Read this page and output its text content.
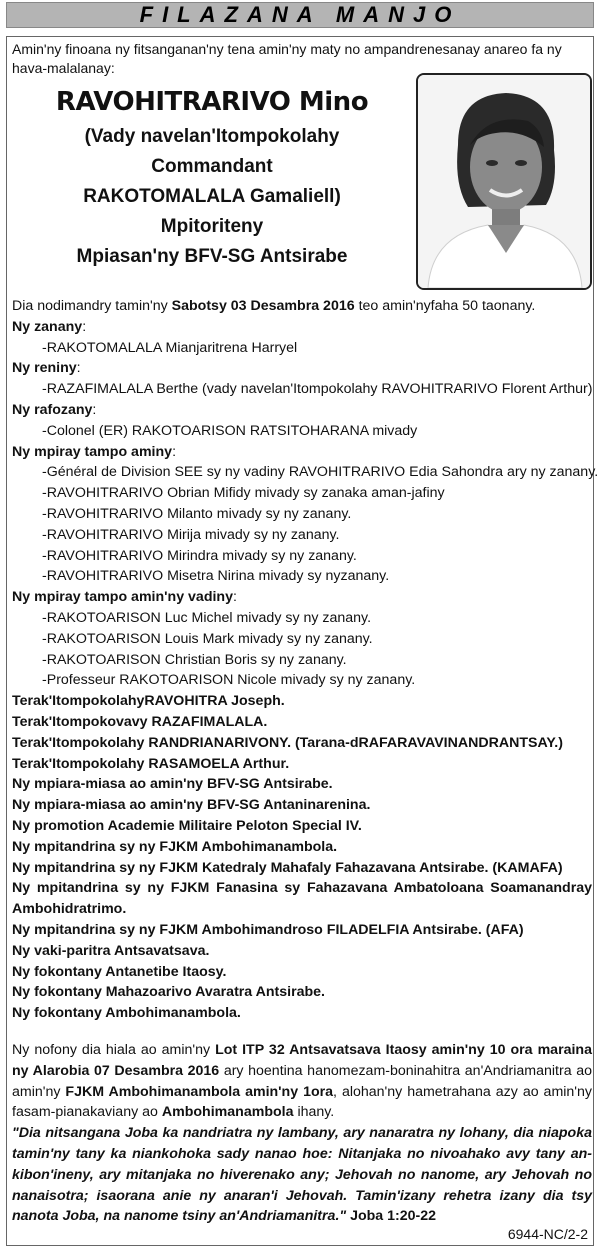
FILAZANA MANJO
Amin'ny finoana ny fitsanganan'ny tena amin'ny maty no ampandrenesanay anareo fa ny hava-malalanay:
RAVOHITRARIVO Mino
(Vady navelan'Itompokolahy
Commandant
RAKOTOMALALA Gamaliell)
Mpitoriteny
Mpiasan'ny BFV-SG Antsirabe
Dia nodimandry tamin'ny Sabotsy 03 Desambra 2016 teo amin'nyfaha 50 taonany.
Ny zanany:
-RAKOTOMALALA Mianjaritrena Harryel
Ny reniny:
-RAZAFIMALALA Berthe (vady navelan'Itompokolahy RAVOHITRARIVO Florent Arthur)
Ny rafozany:
-Colonel (ER) RAKOTOARISON RATSITOHARANA mivady
Ny mpiray tampo aminy:
-Général de Division SEE sy ny vadiny RAVOHITRARIVO Edia Sahondra ary ny zanany.
-RAVOHITRARIVO Obrian Mifidy mivady sy zanaka aman-jafiny
-RAVOHITRARIVO Milanto mivady sy ny zanany.
-RAVOHITRARIVO Mirija mivady sy ny zanany.
-RAVOHITRARIVO Mirindra mivady sy ny zanany.
-RAVOHITRARIVO Misetra Nirina mivady sy nyzanany.
Ny mpiray tampo amin'ny vadiny:
-RAKOTOARISON Luc Michel mivady sy ny zanany.
-RAKOTOARISON Louis Mark mivady sy ny zanany.
-RAKOTOARISON Christian Boris sy ny zanany.
-Professeur RAKOTOARISON Nicole mivady sy ny zanany.
Terak'ItompokolahyRAVOHITRA Joseph.
Terak'Itompokovavy RAZAFIMALALA.
Terak'Itompokolahy RANDRIANARIVONY. (Tarana-dRAFARAVAVINANDRANTSAY.)
Terak'Itompokolahy RASAMOELA Arthur.
Ny mpiara-miasa ao amin'ny BFV-SG Antsirabe.
Ny mpiara-miasa ao amin'ny BFV-SG Antaninarenina.
Ny promotion Academie Militaire Peloton Special IV.
Ny mpitandrina sy ny FJKM Ambohimanambola.
Ny mpitandrina sy ny FJKM Katedraly Mahafaly Fahazavana Antsirabe. (KAMAFA)
Ny mpitandrina sy ny FJKM Fanasina sy Fahazavana Ambatoloana Soamanandray Ambohidratrimo.
Ny mpitandrina sy ny FJKM Ambohimandroso FILADELFIA Antsirabe. (AFA)
Ny vaki-paritra Antsavatsava.
Ny fokontany Antanetibe Itaosy.
Ny fokontany Mahazoarivo Avaratra Antsirabe.
Ny fokontany Ambohimanambola.
Ny nofony dia hiala ao amin'ny Lot ITP 32 Antsavatsava Itaosy amin'ny 10 ora maraina ny Alarobia 07 Desambra 2016 ary hoentina hanomezam-boninahitra an'Andriamanitra ao amin'ny FJKM Ambohimanambola amin'ny 1ora, alohan'ny hametrahana azy ao amin'ny fasam-pianakaviany ao Ambohimanambola ihany.
"Dia nitsangana Joba ka nandriatra ny lambany, ary nanaratra ny lohany, dia niapoka tamin'ny tany ka niankohoka sady nanao hoe: Nitanjaka no nivoahako avy tany an-kibon'ineny, ary mitanjaka no hiverenako any; Jehovah no nanome, ary Jehovah no nanaisotra; isaorana anie ny anaran'i Jehovah. Tamin'izany rehetra izany dia tsy nanota Joba, na nanome tsiny an'Andriamanitra." Joba 1:20-22
6944-NC/2-2
